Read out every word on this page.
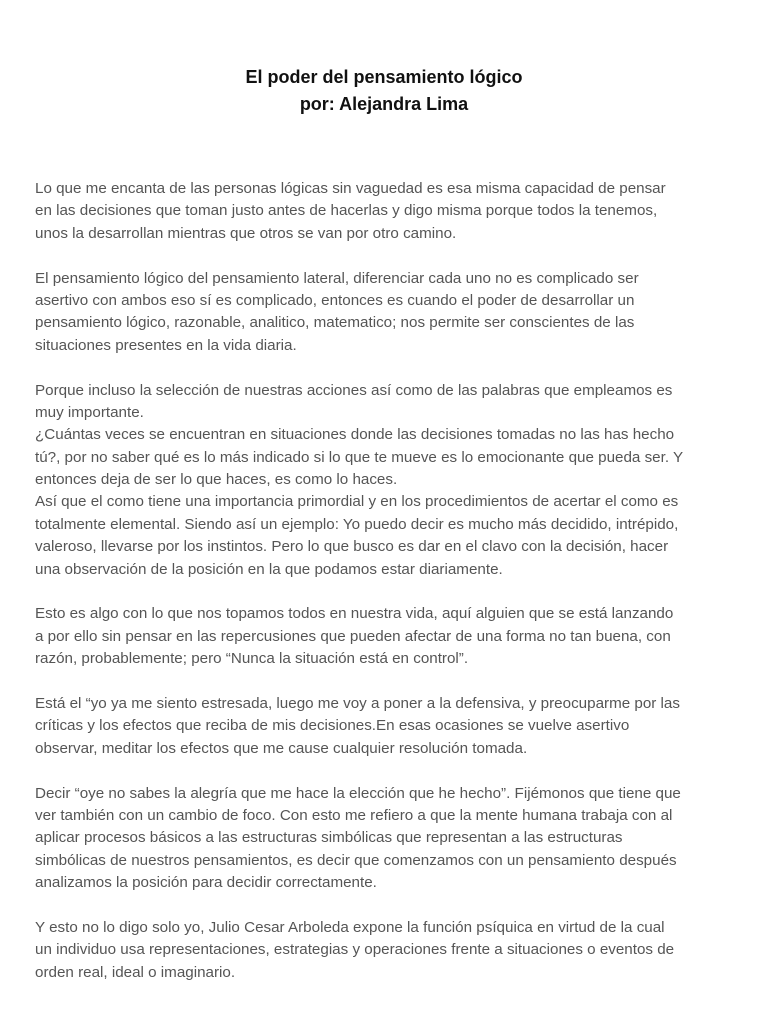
El poder del pensamiento lógico
por: Alejandra Lima
Lo que me encanta de las personas lógicas sin vaguedad es esa misma capacidad de pensar
en las decisiones que toman justo antes de hacerlas y digo misma porque todos la tenemos,
unos la desarrollan mientras que otros se van por otro camino.
El pensamiento lógico del pensamiento lateral, diferenciar cada uno no es complicado ser
asertivo con ambos eso sí es complicado, entonces es cuando el poder de desarrollar un
pensamiento lógico, razonable, analitico, matematico; nos permite ser conscientes de las
situaciones presentes en la vida diaria.
Porque incluso la selección de nuestras acciones así como de las palabras que empleamos es
muy importante.
¿Cuántas veces se encuentran en situaciones donde las decisiones tomadas no las has hecho
tú?, por no saber qué es lo más indicado si lo que te mueve es lo emocionante que pueda ser. Y
entonces deja de ser lo que haces, es como lo haces.
Así que el como tiene una importancia primordial y en los procedimientos de acertar el como es
totalmente elemental. Siendo así un ejemplo: Yo puedo decir es mucho más decidido, intrépido,
valeroso, llevarse por los instintos. Pero lo que busco es dar en el clavo con la decisión, hacer
una observación de la posición en la que podamos estar diariamente.
Esto es algo con lo que nos topamos todos en nuestra vida, aquí alguien que se está lanzando
a por ello sin pensar en las repercusiones que pueden afectar de una forma no tan buena, con
razón, probablemente; pero “Nunca la situación está en control”.
Está el “yo ya me siento estresada, luego me voy a poner a la defensiva, y preocuparme por las
críticas y los efectos que reciba de mis decisiones.En esas ocasiones se vuelve asertivo
observar, meditar los efectos que me cause cualquier resolución tomada.
Decir “oye no sabes la alegría que me hace la elección que he hecho”. Fijémonos que tiene que
ver también con un cambio de foco. Con esto me refiero a que la mente humana trabaja con al
aplicar procesos básicos a las estructuras simbólicas que representan a las estructuras
simbólicas de nuestros pensamientos, es decir que comenzamos con un pensamiento después
analizamos la posición para decidir correctamente.
Y esto no lo digo solo yo, Julio Cesar Arboleda expone la función psíquica en virtud de la cual
un individuo usa representaciones, estrategias y operaciones frente a situaciones o eventos de
orden real, ideal o imaginario.
